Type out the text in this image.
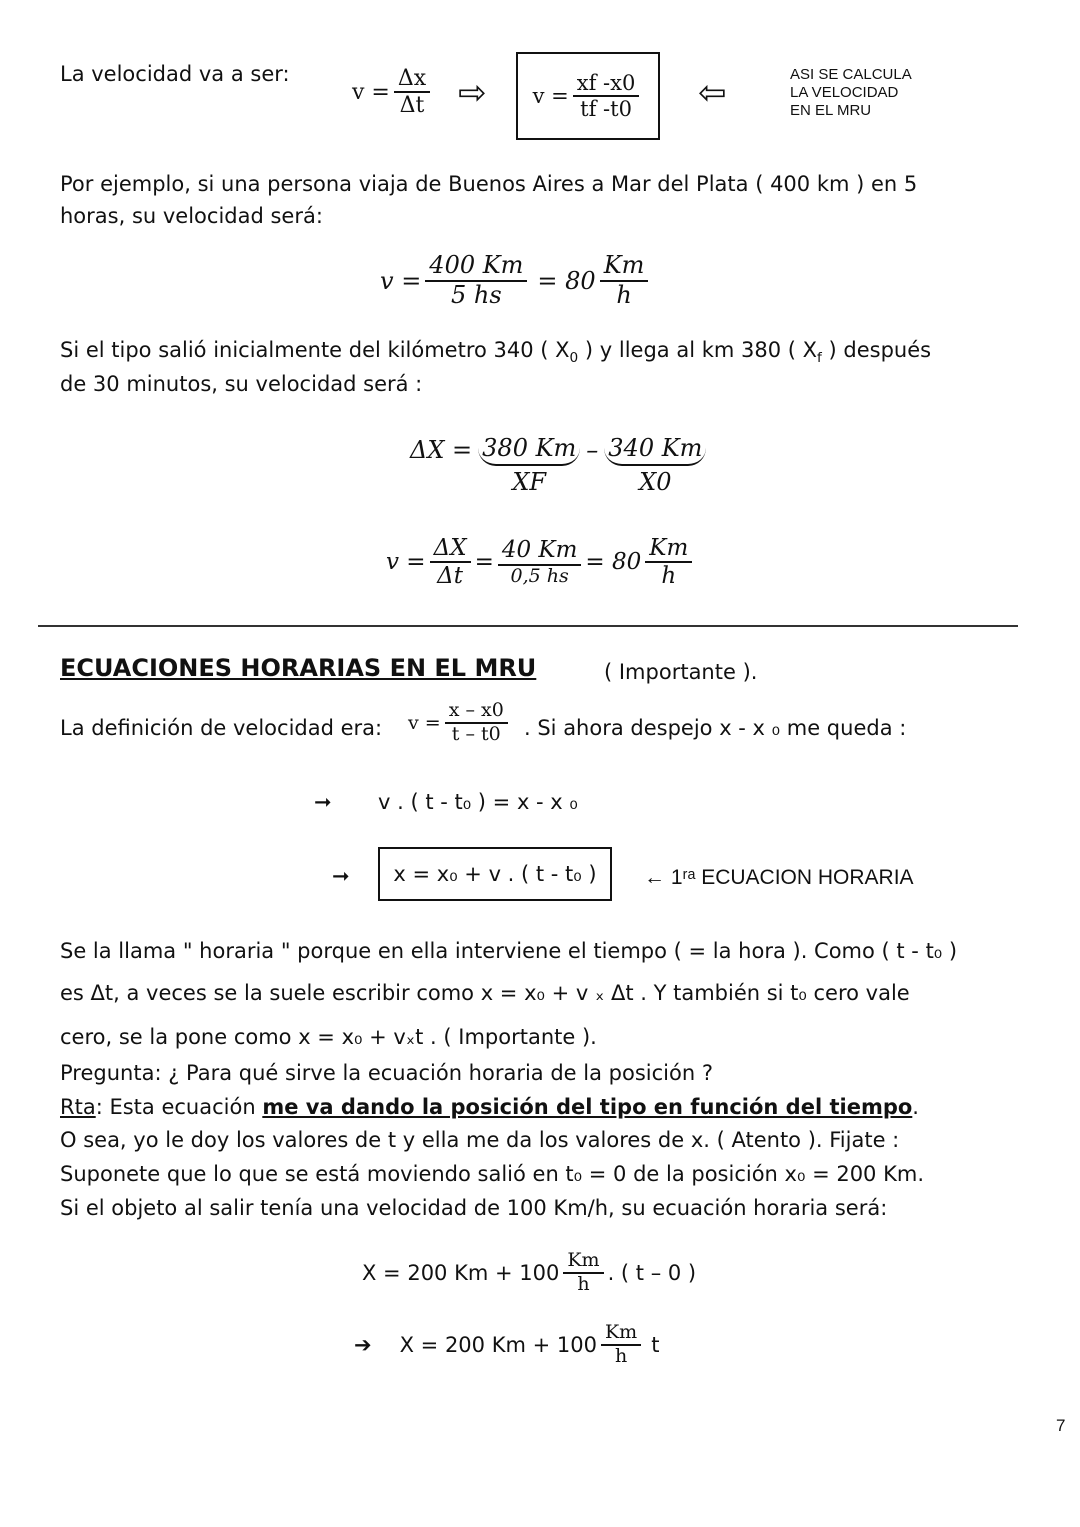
La velocidad va a ser:
$v = \frac{\Delta x}{\Delta t}$ ⇨ $v = \frac{xf -x0}{tf -t0}$ ⇦	ASI SE CALCULA
LA VELOCIDAD
EN EL MRU
Por ejemplo, si una persona viaja de Buenos Aires a Mar del Plata ( 400 km ) en 5
horas, su velocidad será:
$v = \frac{400 Km}{5 hs} = 80 \frac{Km}{h}$
Si el tipo salió inicialmente del kilómetro 340 ( $X_0$ ) y llega al km 380 ( $X_f$ ) después
de 30 minutos, su velocidad será :
$\Delta X = \frac{380 Km}{XF} - 340$ Km
X0
$v = \frac{\Delta X}{\Delta t} = \frac{40 Km}{0,5 hs} = 80 \frac{Km}{h}$
ECUACIONES HORARIAS EN EL MRU	( Importante ).
La definición de velocidad era: $v = \frac{x - x0}{t - t0}$ . Si ahora despejo x - x ₀ me queda :
➞ v . ( t - t₀ ) = x - x ₀
➞	x = x₀ + v . ( t - t₀ )	← 1ʳᵃ ECUACION HORARIA
Se la llama " horaria " porque en ella interviene el tiempo ( = la hora ). Como ( t - t₀ )
es Δt, a veces se la suele escribir como x = x₀ + v ₓ Δt . Y también si t₀ cero vale
cero, se la pone como x = x₀ + vₓt . ( Importante ).
Pregunta: ¿ Para qué sirve la ecuación horaria de la posición ?
Rta: Esta ecuación me va dando la posición del tipo en función del tiempo.
O sea, yo le doy los valores de t y ella me da los valores de x. ( Atento ). Fijate :
Suponete que lo que se está moviendo salió en t₀ = 0 de la posición x₀ = 200 Km.
Si el objeto al salir tenía una velocidad de 100 Km/h, su ecuación horaria será:
X = 200 $Km + 100 \frac{Km}{h}$ . ( t – 0 )
➔ X = 200 $Km + 100 \frac{Km}{h}$ t
7
